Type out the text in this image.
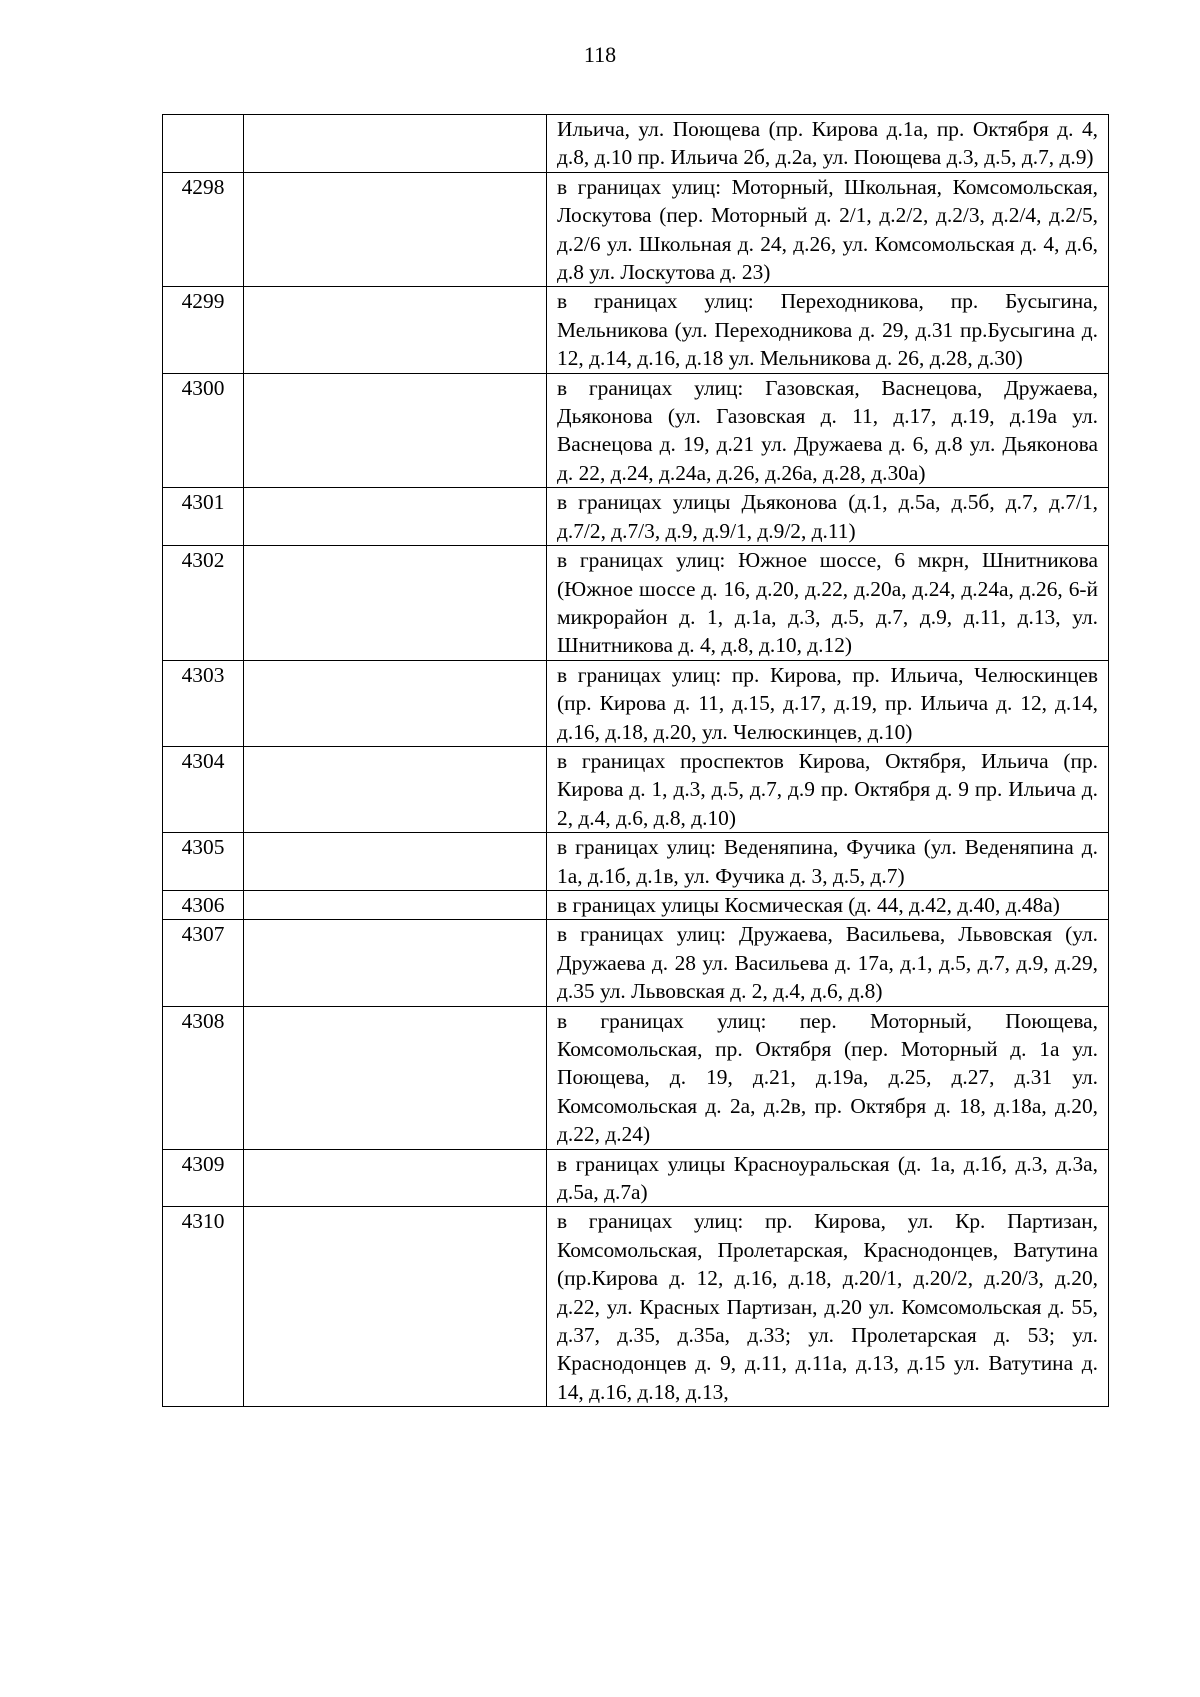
118
		Ильича, ул. Поющева (пр. Кирова д.1а, пр. Октября д. 4, д.8, д.10 пр. Ильича 2б, д.2а, ул. Поющева д.3, д.5, д.7, д.9)
4298		в границах улиц: Моторный, Школьная, Комсомольская, Лоскутова (пер. Моторный д. 2/1, д.2/2, д.2/3, д.2/4, д.2/5, д.2/6 ул. Школьная д. 24, д.26, ул. Комсомольская д. 4, д.6, д.8 ул. Лоскутова д. 23)
4299		в границах улиц: Переходникова, пр. Бусыгина, Мельникова (ул. Переходникова д. 29, д.31 пр.Бусыгина д. 12, д.14, д.16, д.18 ул. Мельникова д. 26, д.28, д.30)
4300		в границах улиц: Газовская, Васнецова, Дружаева, Дьяконова (ул. Газовская д. 11, д.17, д.19, д.19а ул. Васнецова д. 19, д.21 ул. Дружаева д. 6, д.8 ул. Дьяконова д. 22, д.24, д.24а, д.26, д.26а, д.28, д.30а)
4301		в границах улицы Дьяконова (д.1, д.5а, д.5б, д.7, д.7/1, д.7/2, д.7/3, д.9, д.9/1, д.9/2, д.11)
4302		в границах улиц: Южное шоссе, 6 мкрн, Шнитникова (Южное шоссе д. 16, д.20, д.22, д.20а, д.24, д.24а, д.26, 6-й микрорайон д. 1, д.1а, д.3, д.5, д.7, д.9, д.11, д.13, ул. Шнитникова д. 4, д.8, д.10, д.12)
4303		в границах улиц: пр. Кирова, пр. Ильича, Челюскинцев (пр. Кирова д. 11, д.15, д.17, д.19, пр. Ильича д. 12, д.14, д.16, д.18, д.20, ул. Челюскинцев, д.10)
4304		в границах проспектов Кирова, Октября, Ильича (пр. Кирова д. 1, д.3, д.5, д.7, д.9 пр. Октября д. 9 пр. Ильича д. 2, д.4, д.6, д.8, д.10)
4305		в границах улиц: Веденяпина, Фучика (ул. Веденяпина д. 1а, д.1б, д.1в, ул. Фучика д. 3, д.5, д.7)
4306		в границах улицы Космическая (д. 44, д.42, д.40, д.48а)
4307		в границах улиц: Дружаева, Васильева, Львовская (ул. Дружаева д. 28 ул. Васильева д. 17а, д.1, д.5, д.7, д.9, д.29, д.35 ул. Львовская д. 2, д.4, д.6, д.8)
4308		в границах улиц: пер. Моторный, Поющева, Комсомольская, пр. Октября (пер. Моторный д. 1а ул. Поющева, д. 19, д.21, д.19а, д.25, д.27, д.31 ул. Комсомольская д. 2а, д.2в, пр. Октября д. 18, д.18а, д.20, д.22, д.24)
4309		в границах улицы Красноуральская (д. 1а, д.1б, д.3, д.3а, д.5а, д.7а)
4310		в границах улиц: пр. Кирова, ул. Кр. Партизан, Комсомольская, Пролетарская, Краснодонцев, Ватутина (пр.Кирова д. 12, д.16, д.18, д.20/1, д.20/2, д.20/3, д.20, д.22, ул. Красных Партизан, д.20 ул. Комсомольская д. 55, д.37, д.35, д.35а, д.33; ул. Пролетарская д. 53; ул. Краснодонцев д. 9, д.11, д.11а, д.13, д.15 ул. Ватутина д. 14, д.16, д.18, д.13,
